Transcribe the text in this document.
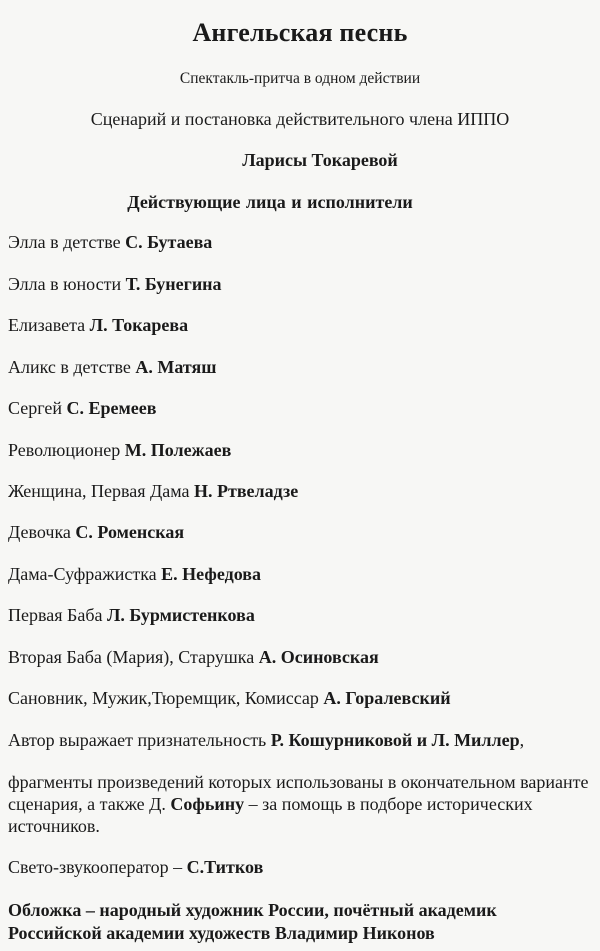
Ангельская песнь
Спектакль-притча в одном действии
Сценарий и постановка действительного члена ИППО
Ларисы Токаревой
Действующие лица и исполнители
Элла в детстве С. Бутаева
Элла в юности Т. Бунегина
Елизавета Л. Токарева
Аликс в детстве А. Матяш
Сергей С. Еремеев
Революционер М. Полежаев
Женщина, Первая Дама Н. Ртвеладзе
Девочка С. Роменская
Дама-Суфражистка Е. Нефедова
Первая Баба Л. Бурмистенкова
Вторая Баба (Мария), Старушка А. Осиновская
Сановник, Мужик,Тюремщик, Комиссар А. Горалевский
Автор выражает признательность Р. Кошурниковой и Л. Миллер,
фрагменты произведений которых использованы в окончательном варианте сценария, а также Д. Софьину – за помощь в подборе исторических источников.
Свето-звукооператор – С.Титков
Обложка – народный художник России, почётный академик
Российской академии художеств Владимир Никонов
